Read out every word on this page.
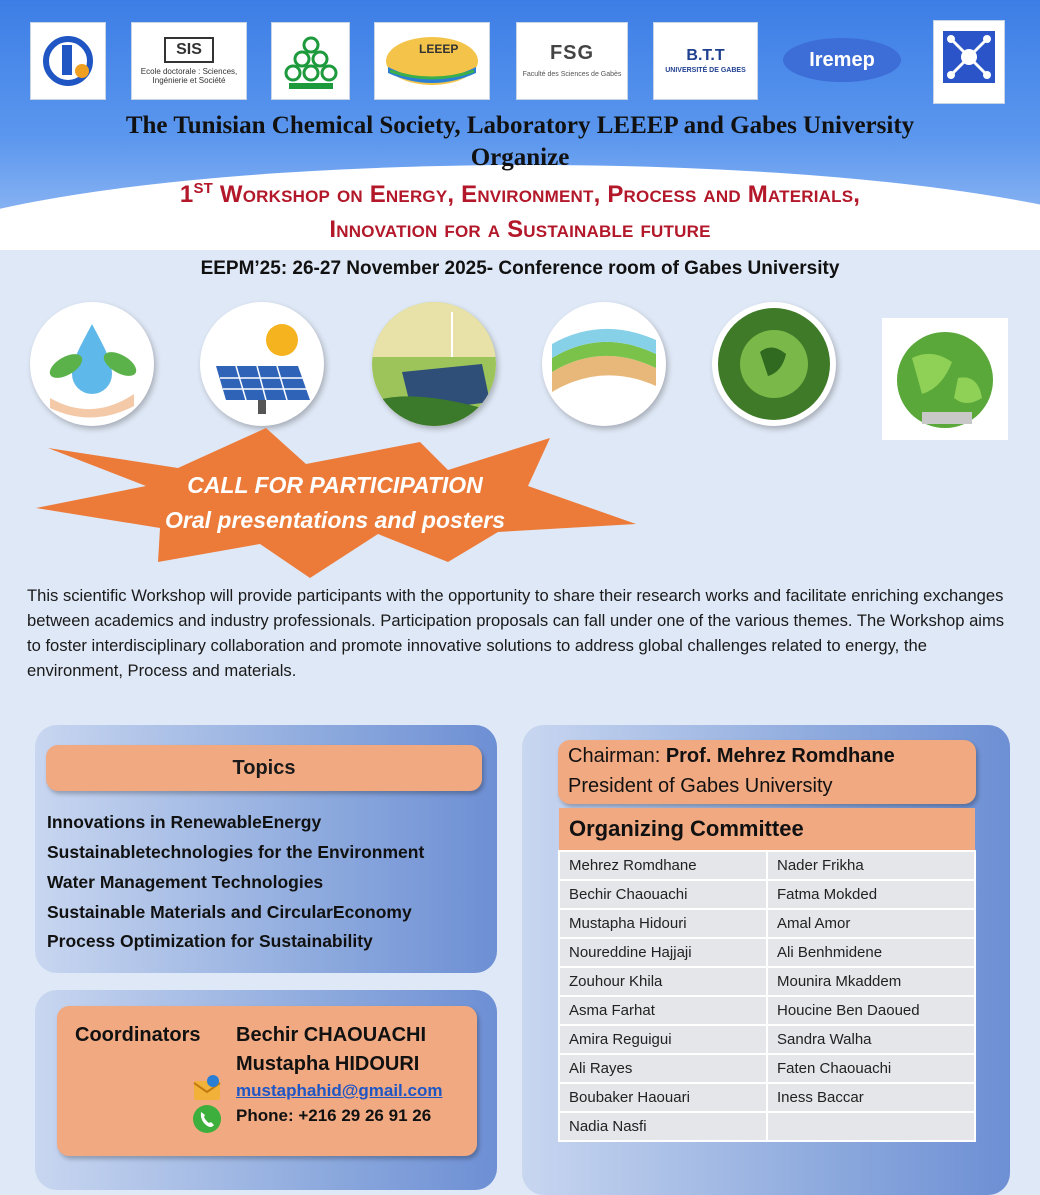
SIS
Ecole doctorale : Sciences, Ingénierie et Société
LEEEP	FSG
Faculté des Sciences de Gabès
B.T.T
UNIVERSITÉ DE GABES
Iremep
The Tunisian Chemical Society, Laboratory LEEEP and Gabes University
Organize
1ST Workshop on Energy, Environment, Process and Materials,
Innovation for a Sustainable future
EEPM’25: 26-27 November 2025- Conference room of Gabes University
CALL FOR PARTICIPATION
Oral presentations and posters
This scientific Workshop will provide participants with the opportunity to share their research works and facilitate enriching exchanges between academics and industry professionals. Participation proposals can fall under one of the various themes. The Workshop aims to foster interdisciplinary collaboration and promote innovative solutions to address global challenges related to energy, the environment, Process and materials.
Topics
Innovations in RenewableEnergy
Sustainabletechnologies for the Environment
Water Management Technologies
Sustainable Materials and CircularEconomy
Process Optimization for Sustainability
Coordinators Bechir CHAOUACHI
Mustapha HIDOURI
mustaphahid@gmail.com
Phone: +216 29 26 91 26
Chairman: Prof. Mehrez Romdhane
President of Gabes University
Organizing Committee	
Mehrez Romdhane	Nader Frikha
Bechir Chaouachi	Fatma Mokded
Mustapha Hidouri	Amal Amor
Noureddine Hajjaji	Ali Benhmidene
Zouhour Khila	Mounira Mkaddem
Asma Farhat	Houcine Ben Daoued
Amira Reguigui	Sandra Walha
Ali Rayes	Faten Chaouachi
Boubaker Haouari	Iness Baccar
Nadia Nasfi	
